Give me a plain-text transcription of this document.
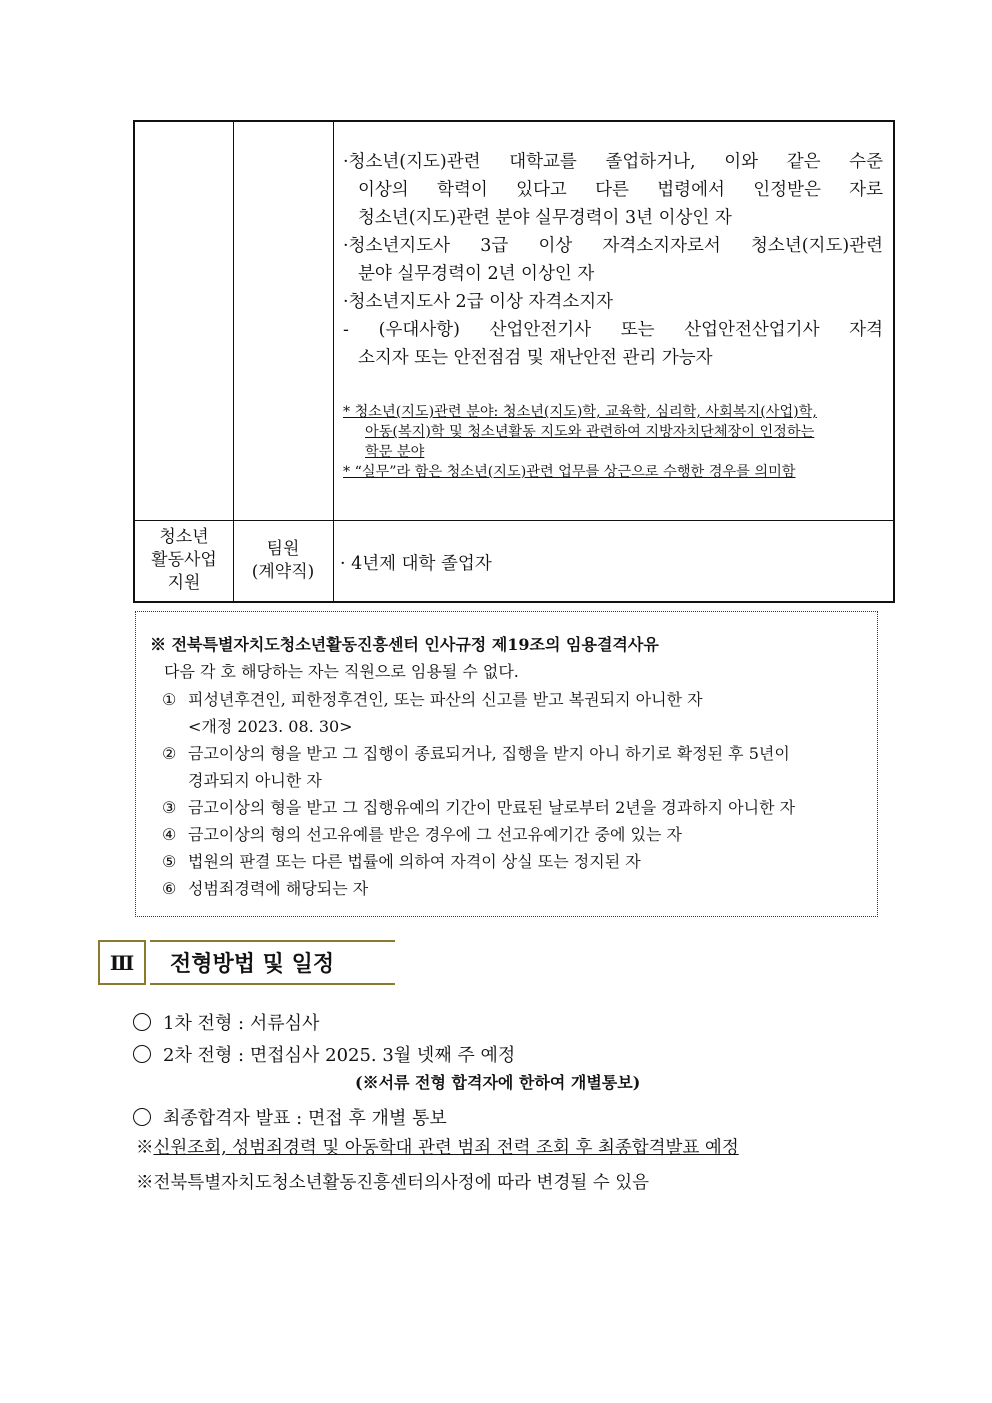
·청소년(지도)관련 대학교를 졸업하거나, 이와 같은 수준
이상의 학력이 있다고 다른 법령에서 인정받은 자로
청소년(지도)관련 분야 실무경력이 3년 이상인 자
·청소년지도사 3급 이상 자격소지자로서 청소년(지도)관련
분야 실무경력이 2년 이상인 자
·청소년지도사 2급 이상 자격소지자
- (우대사항) 산업안전기사 또는 산업안전산업기사 자격
소지자 또는 안전점검 및 재난안전 관리 가능자
* 청소년(지도)관련 분야: 청소년(지도)학, 교육학, 심리학, 사회복지(사업)학,
아동(복지)학 및 청소년활동 지도와 관련하여 지방자치단체장이 인정하는
학문 분야
* “실무”라 함은 청소년(지도)관련 업무를 상근으로 수행한 경우를 의미함
청소년
활동사업
지원
팀원
(계약직)	· 4년제 대학 졸업자
※ 전북특별자치도청소년활동진흥센터 인사규정 제19조의 임용결격사유
다음 각 호 해당하는 자는 직원으로 임용될 수 없다.
① 피성년후견인, 피한정후견인, 또는 파산의 신고를 받고 복권되지 아니한 자
<개정 2023. 08. 30>
② 금고이상의 형을 받고 그 집행이 종료되거나, 집행을 받지 아니 하기로 확정된 후 5년이
경과되지 아니한 자
③ 금고이상의 형을 받고 그 집행유예의 기간이 만료된 날로부터 2년을 경과하지 아니한 자
④ 금고이상의 형의 선고유예를 받은 경우에 그 선고유예기간 중에 있는 자
⑤ 법원의 판결 또는 다른 법률에 의하여 자격이 상실 또는 정지된 자
⑥ 성범죄경력에 해당되는 자
Ⅲ	전형방법 및 일정
1차 전형 : 서류심사
2차 전형 : 면접심사 2025. 3월 넷째 주 예정
(※서류 전형 합격자에 한하여 개별통보)
최종합격자 발표 : 면접 후 개별 통보
※신원조회, 성범죄경력 및 아동학대 관련 범죄 전력 조회 후 최종합격발표 예정
※전북특별자치도청소년활동진흥센터의사정에 따라 변경될 수 있음
